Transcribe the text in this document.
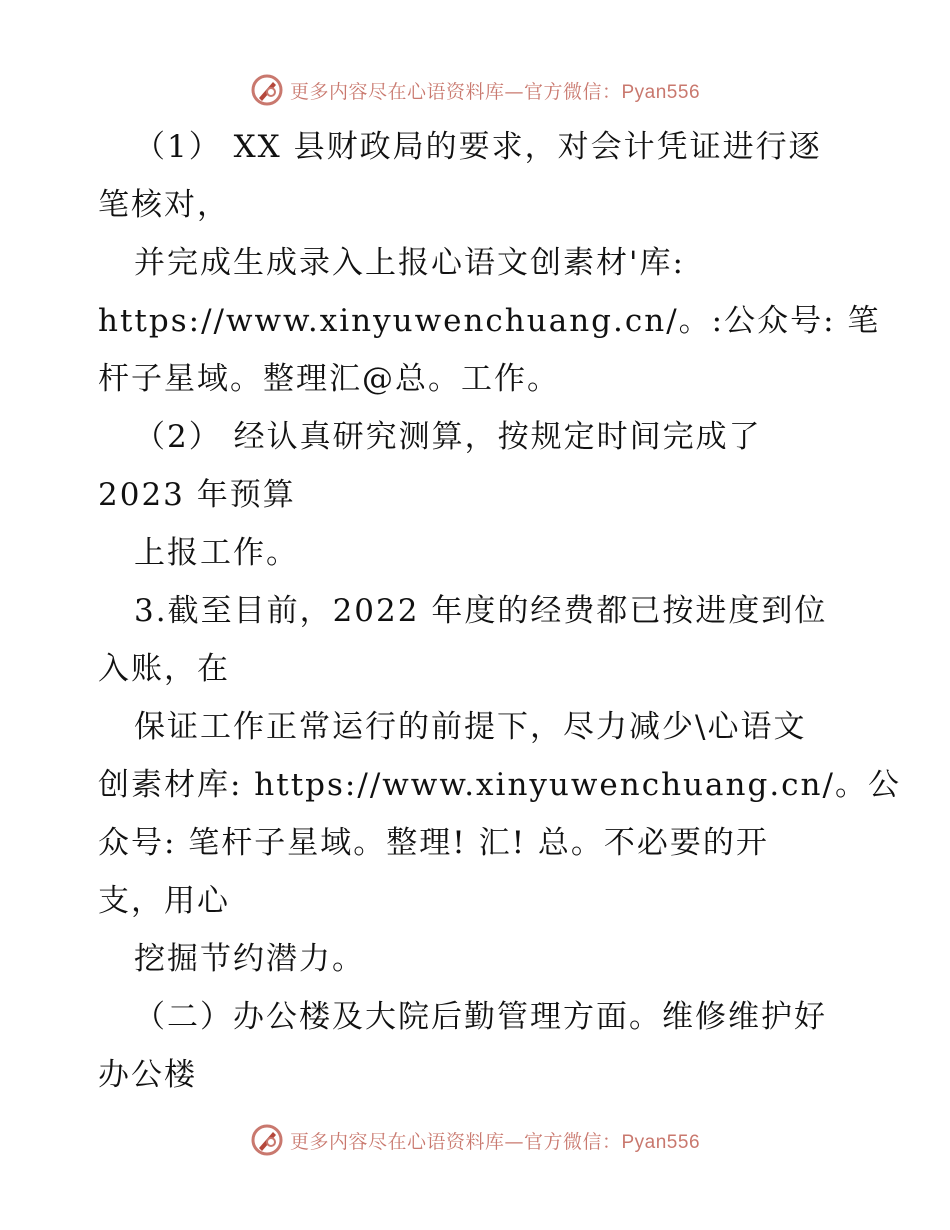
更多内容尽在心语资料库—官方微信：Pyan556
（1） XX 县财政局的要求，对会计凭证进行逐
笔核对，
并完成生成录入上报心语文创素材'库:
https://www.xinyuwenchuang.cn/。:公众号: 笔
杆子星域。整理汇@总。工作。
（2） 经认真研究测算，按规定时间完成了
2023 年预算
上报工作。
3.截至目前，2022 年度的经费都已按进度到位
入账，在
保证工作正常运行的前提下，尽力减少\心语文
创素材库: https://www.xinyuwenchuang.cn/。公
众号: 笔杆子星域。整理! 汇! 总。不必要的开
支，用心
挖掘节约潜力。
（二）办公楼及大院后勤管理方面。维修维护好
办公楼
更多内容尽在心语资料库—官方微信：Pyan556
